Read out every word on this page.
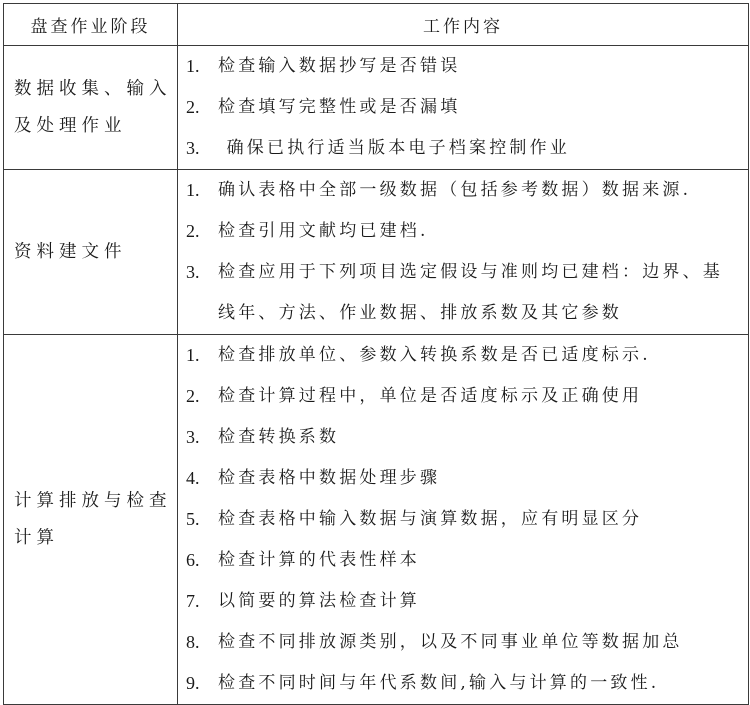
盘查作业阶段	工作内容

数据收集、输入
及处理作业

1.	检查输入数据抄写是否错误
2.	检查填写完整性或是否漏填
3.	确保已执行适当版本电子档案控制作业

资料建文件

1.	确认表格中全部一级数据（包括参考数据）数据来源.
2.	检查引用文献均已建档.
3.	检查应用于下列项目选定假设与准则均已建档：边界、基
线年、方法、作业数据、排放系数及其它参数

计算排放与检查
计算

1.	检查排放单位、参数入转换系数是否已适度标示.
2.	检查计算过程中，单位是否适度标示及正确使用
3.	检查转换系数
4.	检查表格中数据处理步骤
5.	检查表格中输入数据与演算数据，应有明显区分
6.	检查计算的代表性样本
7.	以简要的算法检查计算
8.	检查不同排放源类别，以及不同事业单位等数据加总
9.	检查不同时间与年代系数间,输入与计算的一致性.
